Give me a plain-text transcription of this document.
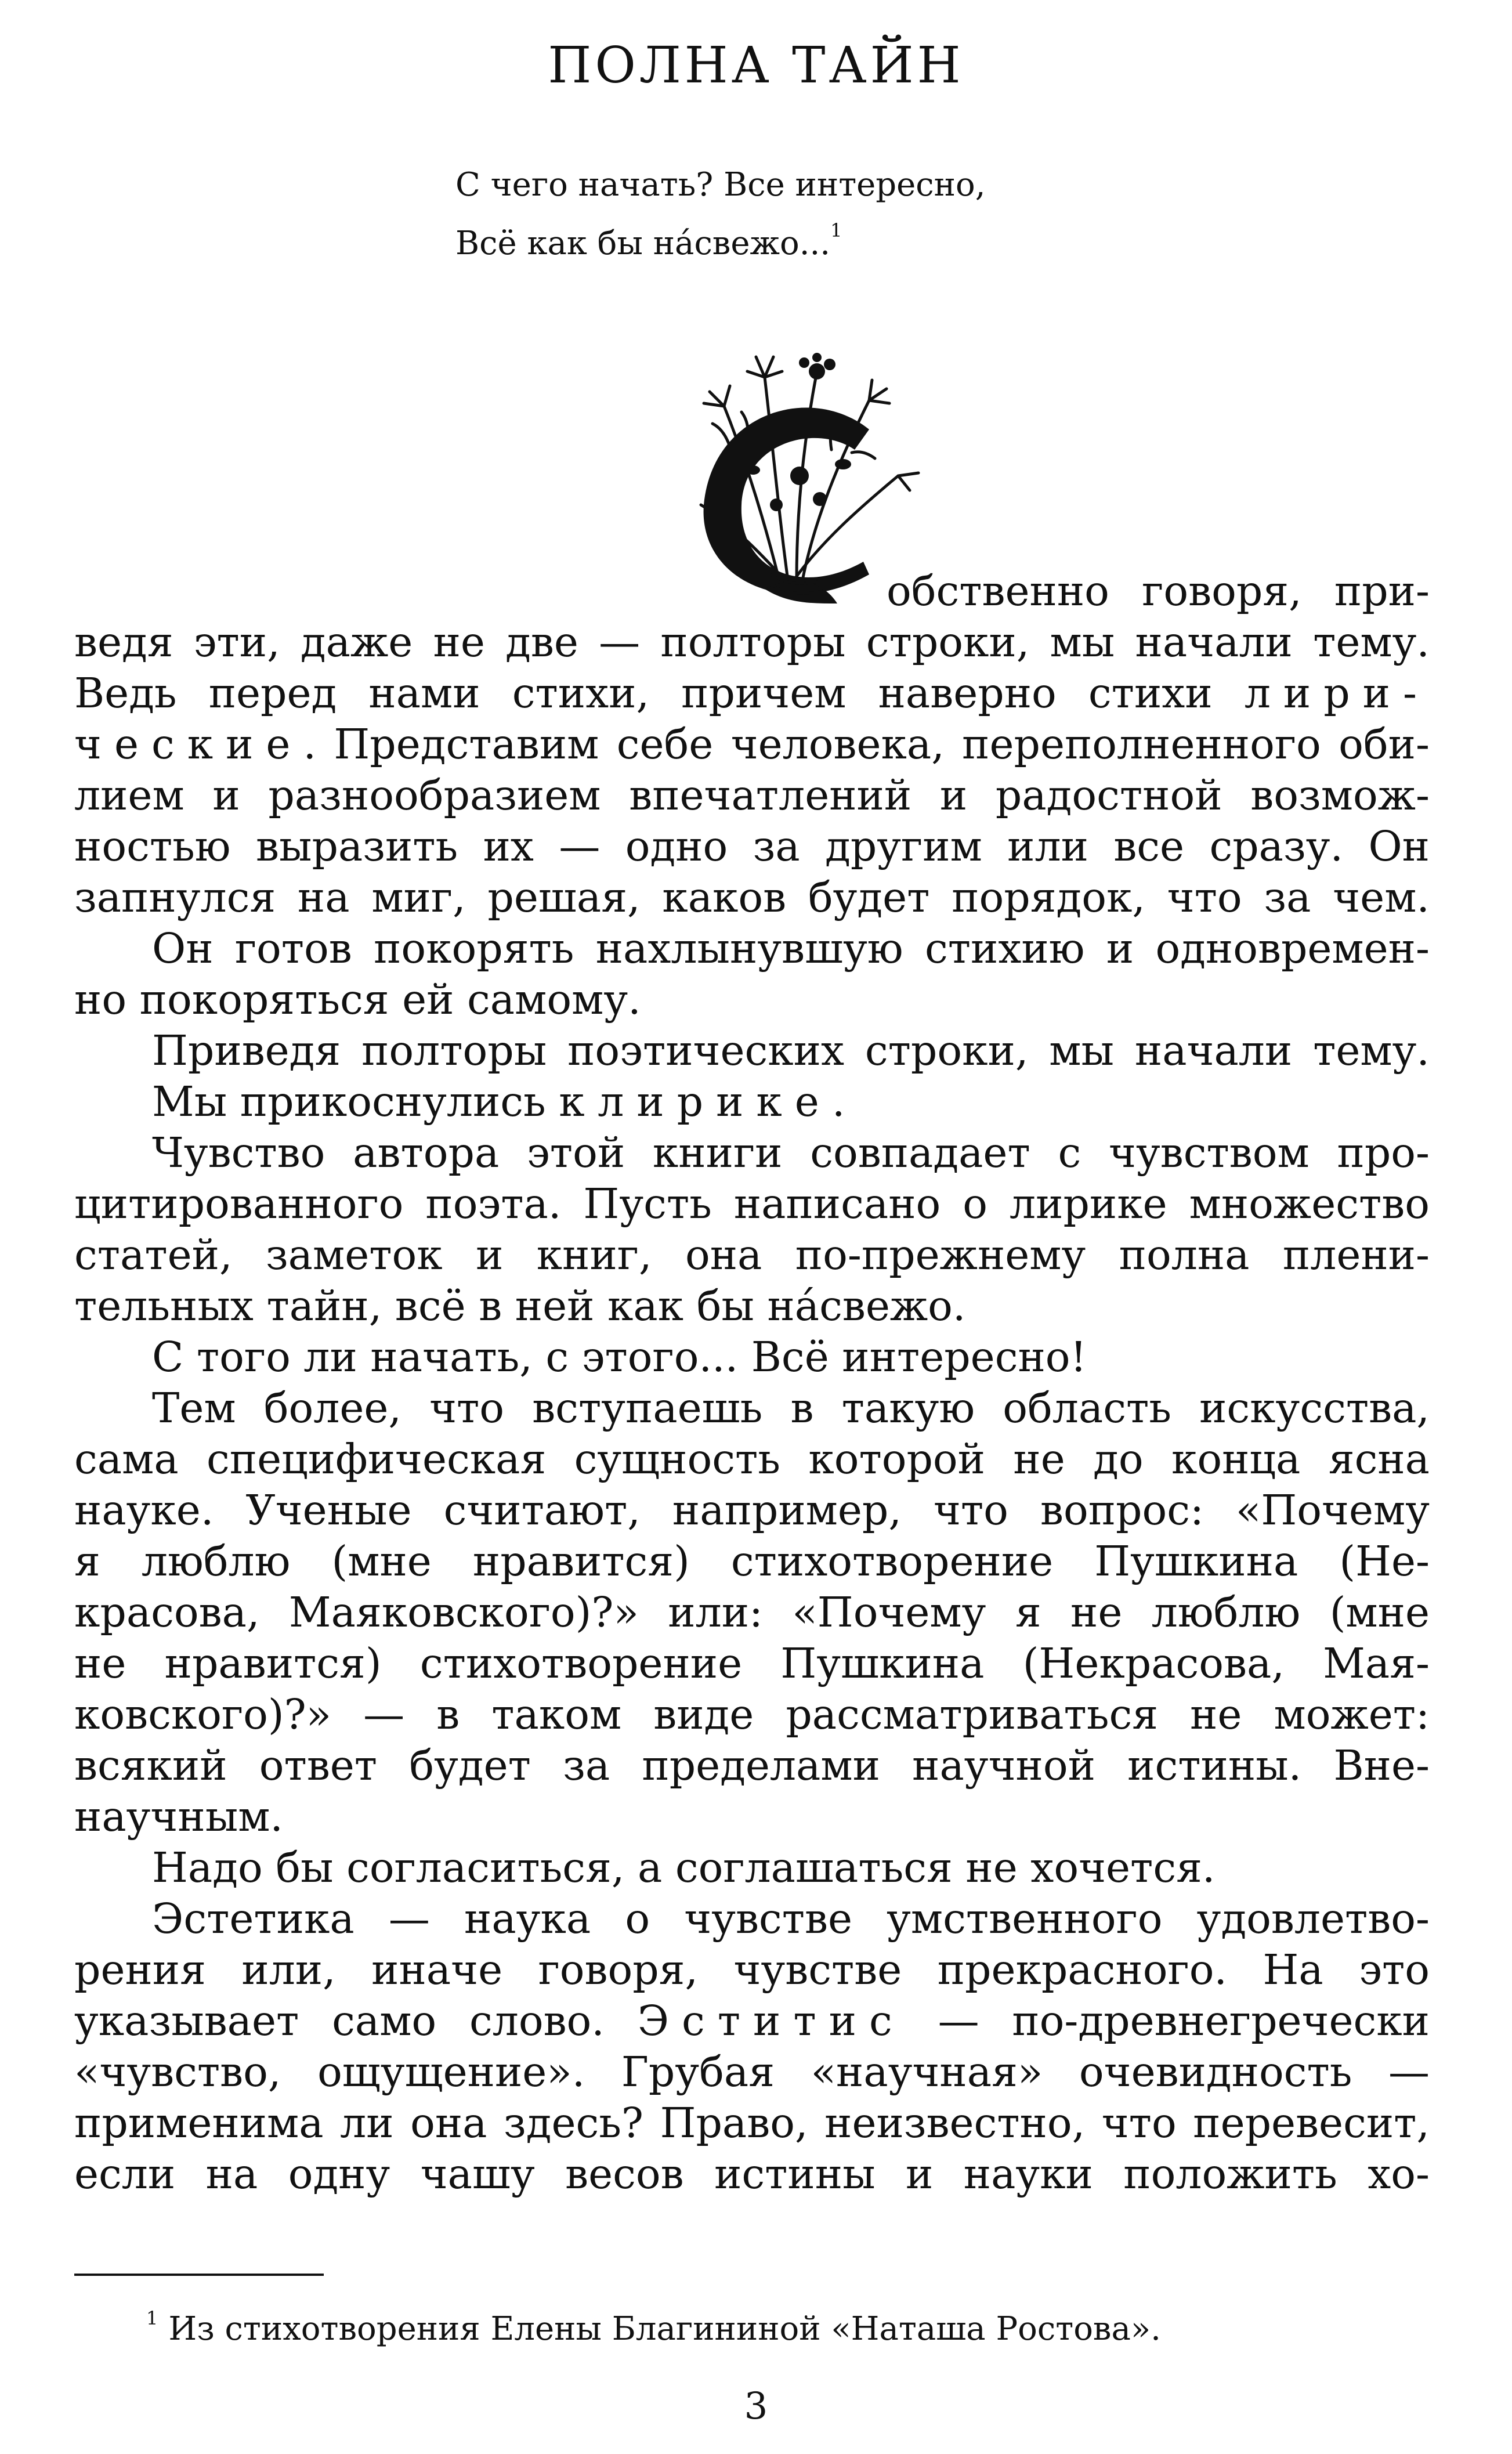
ПОЛНА ТАЙН
С чего начать? Все интересно,
Всё как бы на́свежо...$^1$
обственно говоря, при-
ведя эти, даже не две — полторы строки, мы начали тему.
Ведь перед нами стихи, причем наверно стихи лири-
ческие. Представим себе человека, переполненного оби-
лием и разнообразием впечатлений и радостной возмож-
ностью выразить их — одно за другим или все сразу. Он
запнулся на миг, решая, каков будет порядок, что за чем.
Он готов покорять нахлынувшую стихию и одновремен-
но покоряться ей самому.
Приведя полторы поэтических строки, мы начали тему.
Мы прикоснулись к лирике.
Чувство автора этой книги совпадает с чувством про-
цитированного поэта. Пусть написано о лирике множество
статей, заметок и книг, она по-прежнему полна плени-
тельных тайн, всё в ней как бы на́свежо.
С того ли начать, с этого... Всё интересно!
Тем более, что вступаешь в такую область искусства,
сама специфическая сущность которой не до конца ясна
науке. Ученые считают, например, что вопрос: «Почему
я люблю (мне нравится) стихотворение Пушкина (Не-
красова, Маяковского)?» или: «Почему я не люблю (мне
не нравится) стихотворение Пушкина (Некрасова, Мая-
ковского)?» — в таком виде рассматриваться не может:
всякий ответ будет за пределами научной истины. Вне-
научным.
Надо бы согласиться, а соглашаться не хочется.
Эстетика — наука о чувстве умственного удовлетво-
рения или, иначе говоря, чувстве прекрасного. На это
указывает само слово. Эститис — по-древнегречески
«чувство, ощущение». Грубая «научная» очевидность —
применима ли она здесь? Право, неизвестно, что перевесит,
если на одну чашу весов истины и науки положить хо-
$^1$ Из стихотворения Елены Благининой «Наташа Ростова».
3
